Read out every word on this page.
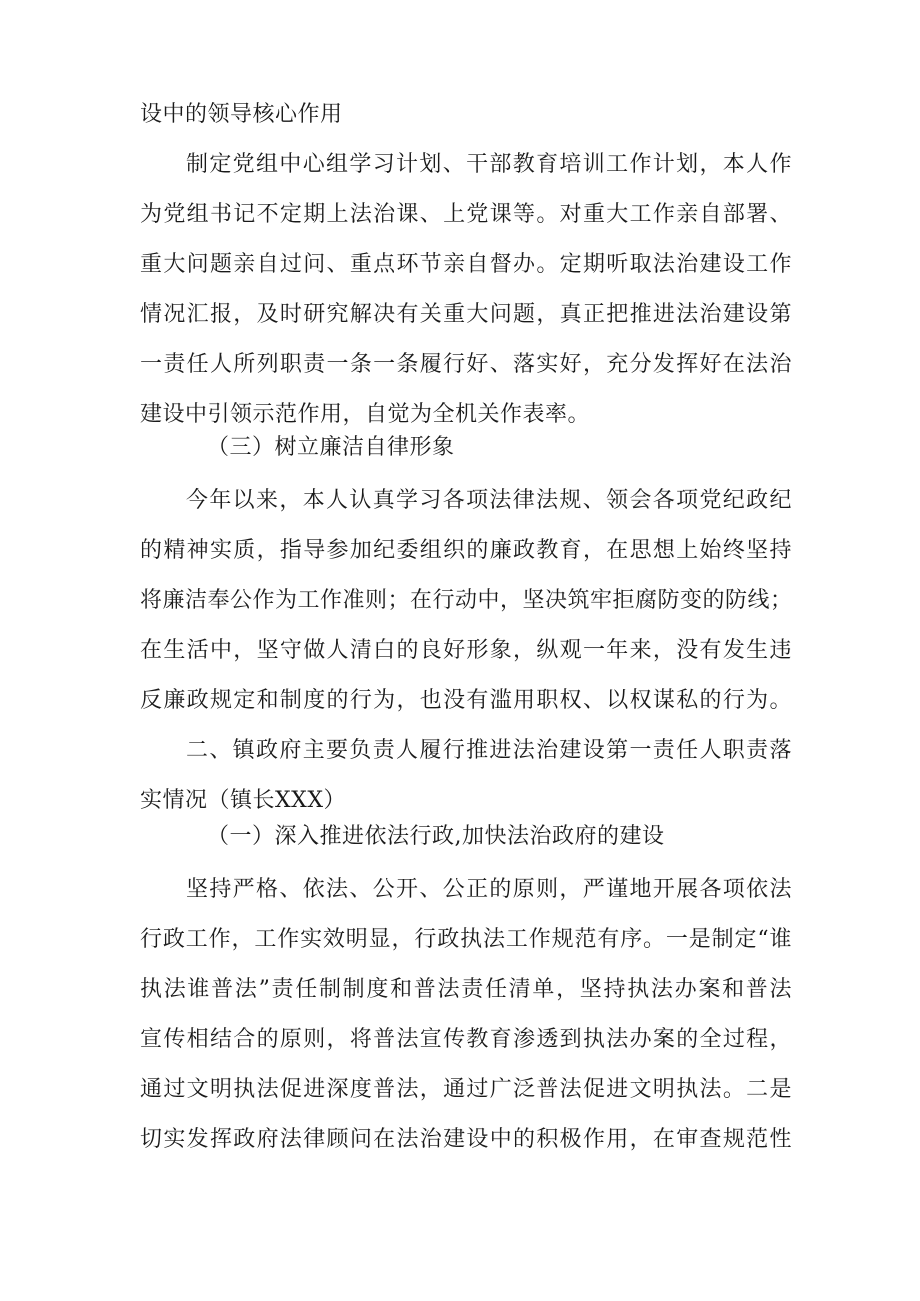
设中的领导核心作用
制定党组中心组学习计划、干部教育培训工作计划，本人作
为党组书记不定期上法治课、上党课等。对重大工作亲自部署、
重大问题亲自过问、重点环节亲自督办。定期听取法治建设工作
情况汇报，及时研究解决有关重大问题，真正把推进法治建设第
一责任人所列职责一条一条履行好、落实好，充分发挥好在法治
建设中引领示范作用，自觉为全机关作表率。
（三）树立廉洁自律形象
今年以来，本人认真学习各项法律法规、领会各项党纪政纪
的精神实质，指导参加纪委组织的廉政教育，在思想上始终坚持
将廉洁奉公作为工作准则；在行动中，坚决筑牢拒腐防变的防线；
在生活中，坚守做人清白的良好形象，纵观一年来，没有发生违
反廉政规定和制度的行为，也没有滥用职权、以权谋私的行为。
二、镇政府主要负责人履行推进法治建设第一责任人职责落
实情况（镇长XXX）
（一）深入推进依法行政,加快法治政府的建设
坚持严格、依法、公开、公正的原则，严谨地开展各项依法
行政工作，工作实效明显，行政执法工作规范有序。一是制定“谁
执法谁普法”责任制制度和普法责任清单，坚持执法办案和普法
宣传相结合的原则，将普法宣传教育渗透到执法办案的全过程，
通过文明执法促进深度普法，通过广泛普法促进文明执法。二是
切实发挥政府法律顾问在法治建设中的积极作用，在审查规范性
